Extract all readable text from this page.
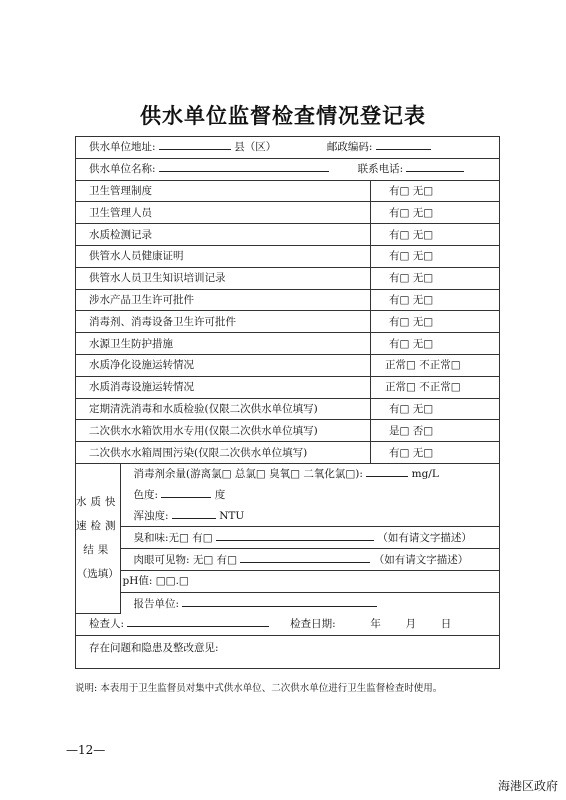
供水单位监督检查情况登记表
供水单位地址: 县（区） 邮政编码:		
供水单位名称: 联系电话:		
卫生管理制度		有□ 无□
卫生管理人员		有□ 无□
水质检测记录		有□ 无□
供管水人员健康证明		有□ 无□
供管水人员卫生知识培训记录		有□ 无□
涉水产品卫生许可批件		有□ 无□
消毒剂、消毒设备卫生许可批件		有□ 无□
水源卫生防护措施		有□ 无□
水质净化设施运转情况		正常□ 不正常□
水质消毒设施运转情况		正常□ 不正常□
定期清洗消毒和水质检验(仅限二次供水单位填写)		有□ 无□
二次供水水箱饮用水专用(仅限二次供水单位填写)		是□ 否□
二次供水水箱周围污染(仅限二次供水单位填写)		有□ 无□

水质快
速检测
结果
（选填）	消毒剂余量(游离氯□ 总氯□ 臭氧□ 二氧化氯□): mg/L	
	色度: 度	
	浑浊度: NTU	
	臭和味:无□ 有□ （如有请文字描述）	
	肉眼可见物: 无□ 有□ （如有请文字描述）	
	pH值: □□.□	
	报告单位:	
检查人: 检查日期: 年 月 日		
存在问题和隐患及整改意见:		
说明: 本表用于卫生监督员对集中式供水单位、二次供水单位进行卫生监督检查时使用。
—12—
海港区政府
